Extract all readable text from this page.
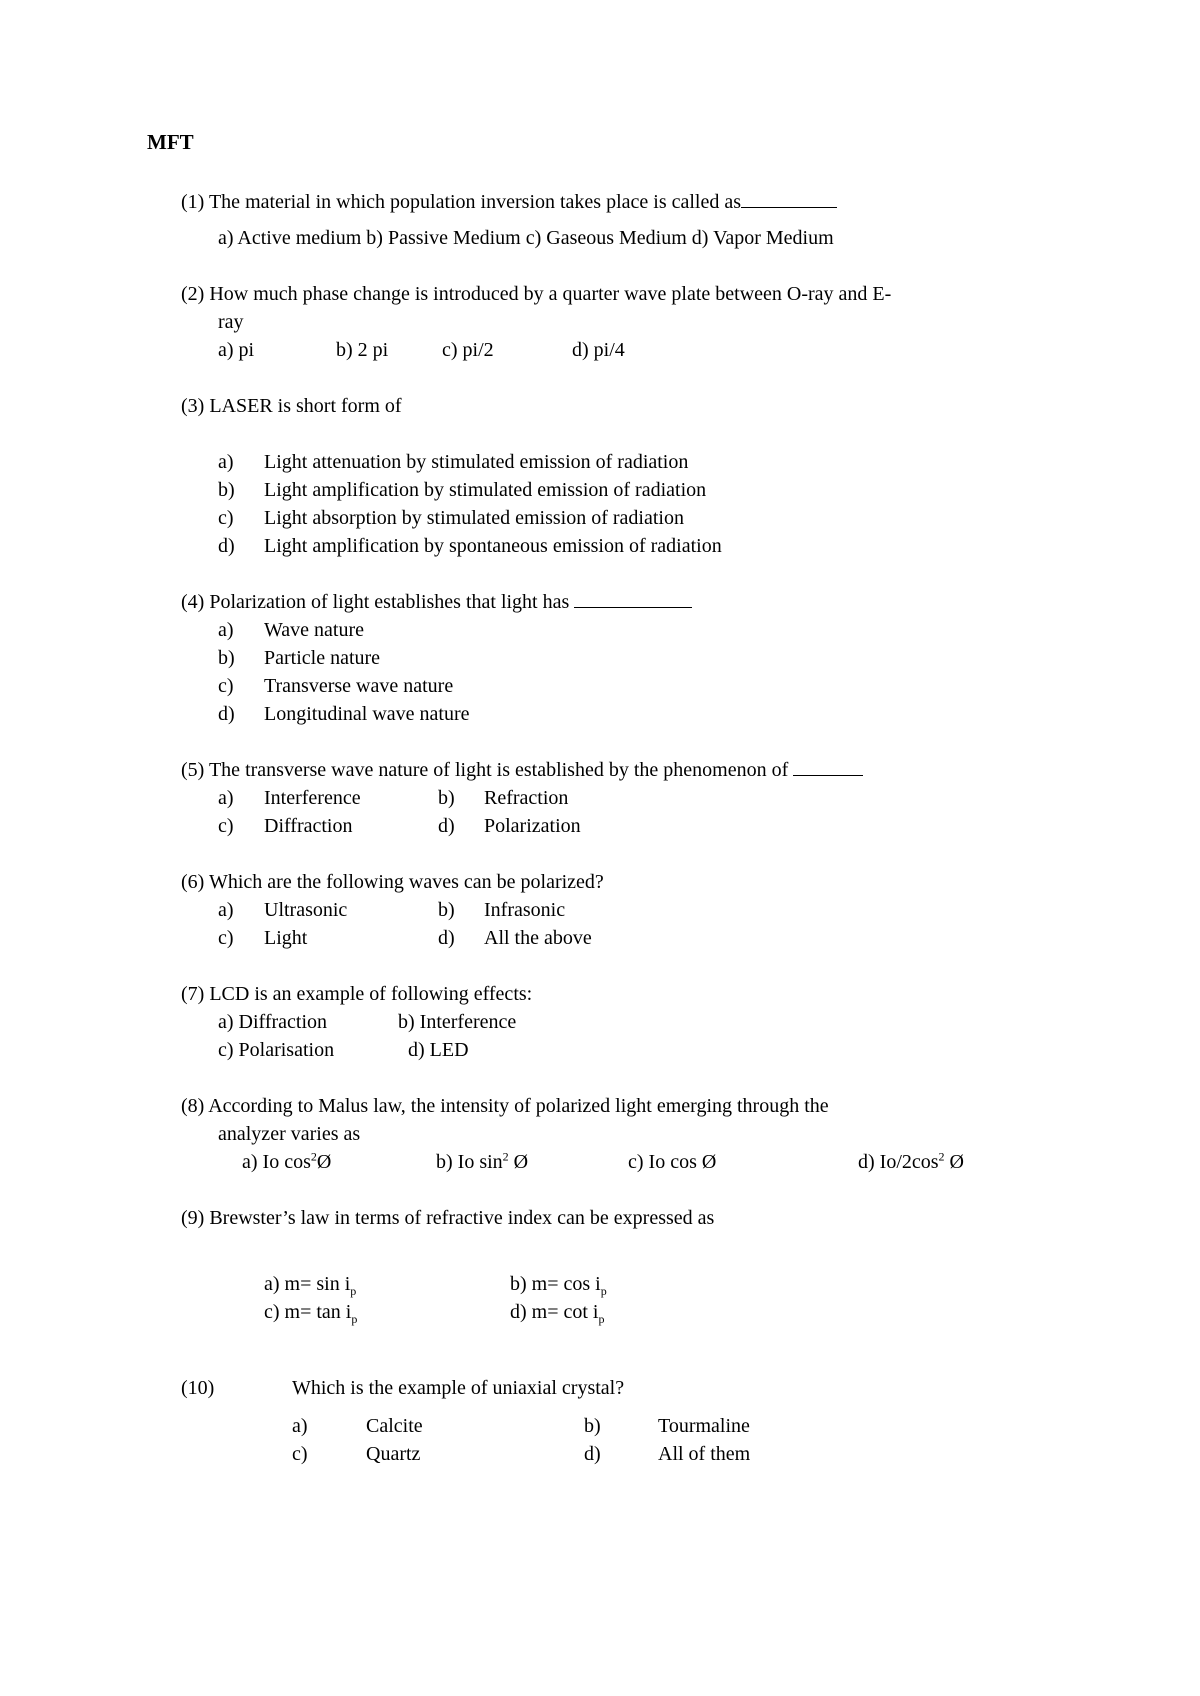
MFT
(1) The material in which population inversion takes place is called as
a) Active medium b) Passive Medium c) Gaseous Medium d) Vapor Medium
(2) How much phase change is introduced by a quarter wave plate between O-ray and E-
ray
a) pi	b) 2 pi	c) pi/2	d) pi/4
(3) LASER is short form of
a) Light attenuation by stimulated emission of radiation
b) Light amplification by stimulated emission of radiation
c) Light absorption by stimulated emission of radiation
d) Light amplification by spontaneous emission of radiation
(4) Polarization of light establishes that light has
a) Wave nature
b) Particle nature
c) Transverse wave nature
d) Longitudinal wave nature
(5) The transverse wave nature of light is established by the phenomenon of
a) Interference	b) Refraction
c) Diffraction	d) Polarization
(6) Which are the following waves can be polarized?
a) Ultrasonic	b) Infrasonic
c) Light	d) All the above
(7) LCD is an example of following effects:
a) Diffraction	b) Interference
c) Polarisation	d) LED
(8) According to Malus law, the intensity of polarized light emerging through the
analyzer varies as
a) Io $\cos^2Ø$	b) Io $\sin^2$ Ø	c) Io cos Ø	d) $Io/2\cos^2$ Ø
(9) Brewster’s law in terms of refractive index can be expressed as
a) $m= \sin i_p$	b) $m= \cos i_p$
c) $m= \tan i_p$	d) $m= \cot i_p$
(10)	Which is the example of uniaxial crystal?
a)	Calcite	b)	Tourmaline
c)	Quartz	d)	All of them
